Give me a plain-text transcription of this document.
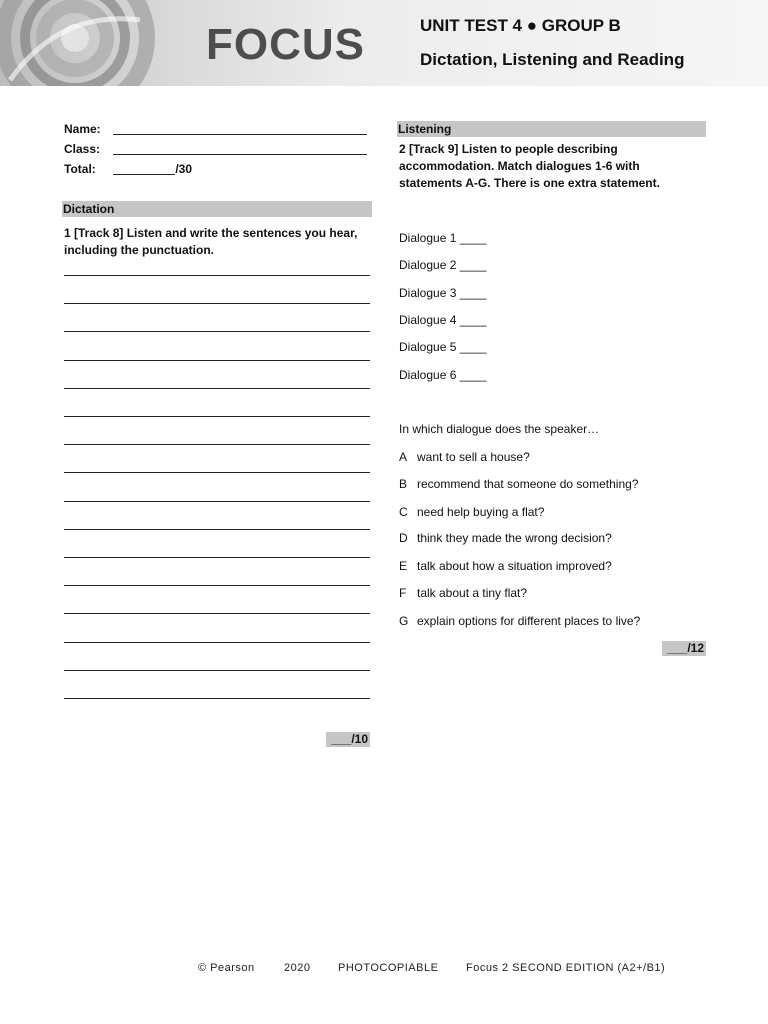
FOCUS	UNIT TEST 4 ● GROUP B
Dictation, Listening and Reading
Name:
Class:
Total:	/30
Dictation
1 [Track 8] Listen and write the sentences you hear,
including the punctuation.
___/10
Listening
2 [Track 9] Listen to people describing
accommodation. Match dialogues 1-6 with
statements A-G. There is one extra statement.
Dialogue 1 ____
Dialogue 2 ____
Dialogue 3 ____
Dialogue 4 ____
Dialogue 5 ____
Dialogue 6 ____
In which dialogue does the speaker…
A want to sell a house?
B recommend that someone do something?
C need help buying a flat?
D think they made the wrong decision?
E talk about how a situation improved?
F talk about a tiny flat?
G explain options for different places to live?
___/12
© Pearson	2020	PHOTOCOPIABLE	Focus 2 SECOND EDITION (A2+/B1)
